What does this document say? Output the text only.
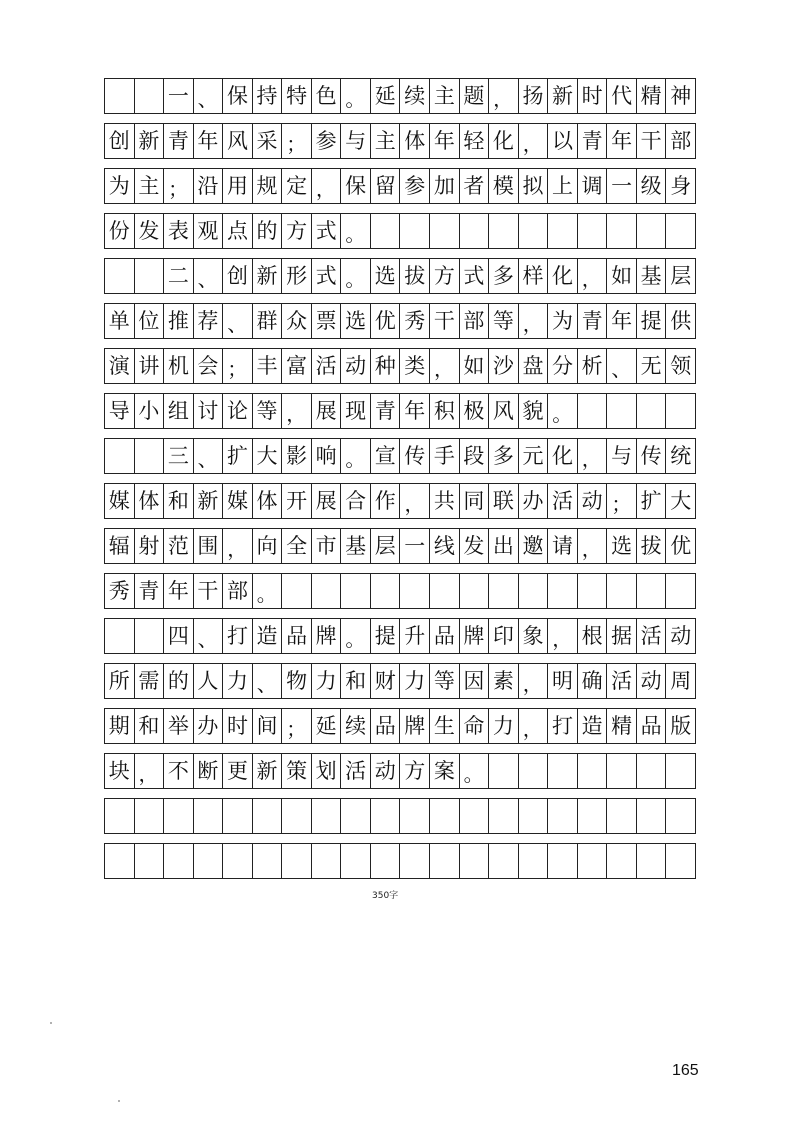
一 、 保 持 特 色 。 延 续 主 题 ， 扬 新 时 代 精 神
创 新 青 年 风 采 ； 参 与 主 体 年 轻 化 ， 以 青 年 干 部
为 主 ； 沿 用 规 定 ， 保 留 参 加 者 模 拟 上 调 一 级 身
份 发 表 观 点 的 方 式 。
二 、 创 新 形 式 。 选 拔 方 式 多 样 化 ， 如 基 层
单 位 推 荐 、 群 众 票 选 优 秀 干 部 等 ， 为 青 年 提 供
演 讲 机 会 ； 丰 富 活 动 种 类 ， 如 沙 盘 分 析 、 无 领
导 小 组 讨 论 等 ， 展 现 青 年 积 极 风 貌 。
三 、 扩 大 影 响 。 宣 传 手 段 多 元 化 ， 与 传 统
媒 体 和 新 媒 体 开 展 合 作 ， 共 同 联 办 活 动 ； 扩 大
辐 射 范 围 ， 向 全 市 基 层 一 线 发 出 邀 请 ， 选 拔 优
秀 青 年 干 部 。
四 、 打 造 品 牌 。 提 升 品 牌 印 象 ， 根 据 活 动
所 需 的 人 力 、 物 力 和 财 力 等 因 素 ， 明 确 活 动 周
期 和 举 办 时 间 ； 延 续 品 牌 生 命 力 ， 打 造 精 品 版
块 ， 不 断 更 新 策 划 活 动 方 案 。
350字
165
